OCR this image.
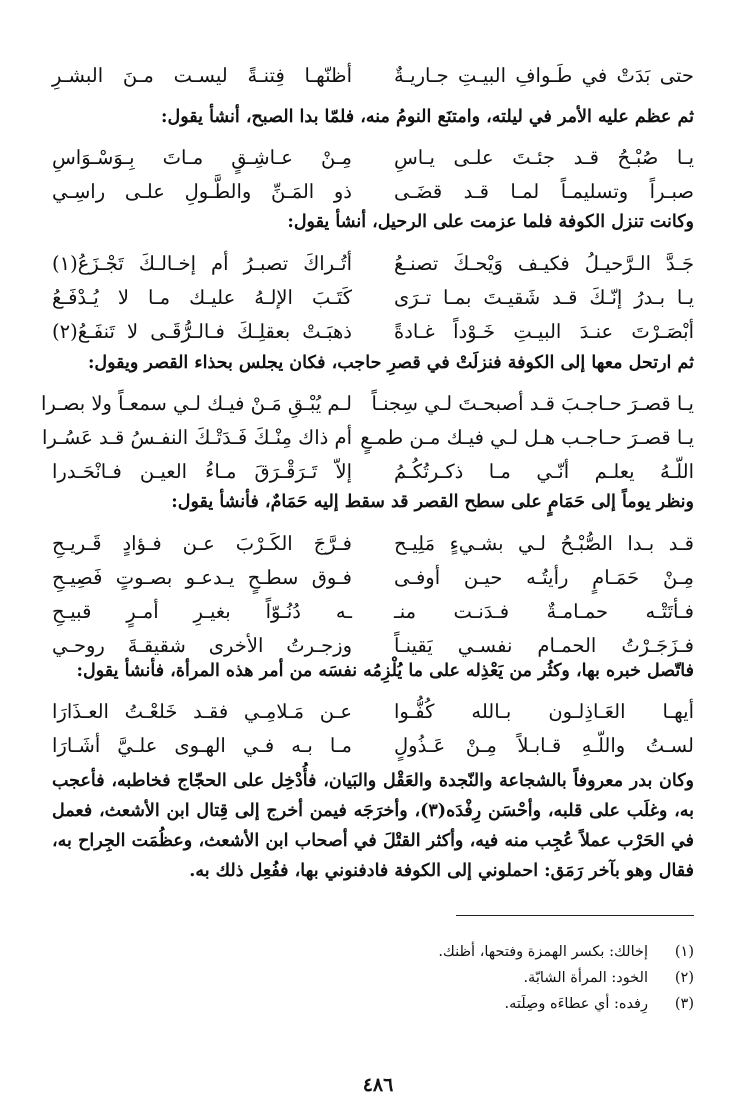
حتى بَدَتْ في طَـوافِ البيـتِ جـاريـةٌ
أظنّهـا فِتنـةً ليسـت مـنَ البشـرِ
ثم عظم عليه الأمر في ليلته، وامتنَع النومُ منه، فلمّا بدا الصبح، أنشأ يقول:
يـا صُبْـحُ قـد جئـتَ علـى يـاسِ
مِـنْ عـاشِـقٍ مـاتَ بِـوَسْـوَاسِ
صبـراً وتسليمـاً لمـا قـد قضَـى
ذو المَـنِّ والطَّـولِ علـى راسِـي
وكانت تنزل الكوفة فلما عزمت على الرحيل، أنشأ يقول:
جَـدَّ الـرَّحيـلُ فكيـف وَيْحـكَ تصنـعُ
أتُـراكَ تصبـرُ أم إخـالـكَ تَجْـزَعُ(١)
يـا بـدرُ إنّـكَ قـد شَقيـتَ بمـا تـرَى
كَتَـبَ الإلـهُ عليـك مـا لا يُـدْفَـعُ
أبْصَـرْتَ عنـدَ البيـتِ خَـوْداً غـادةً
ذهبَـتْ بعقلِـكَ فـالـرُّقَـى لا تَنفَـعُ(٢)
ثم ارتحل معها إلى الكوفة فنزلَتْ في قصرِ حاجب، فكان يجلس بحذاء القصر ويقول:
يـا قصـرَ حـاجـبَ قـد أصبحـتَ لـي سِجنـاً
لـم يُبْـقِ مَـنْ فيـك لـي سمعـاً ولا بصـرا
يـا قصـرَ حـاجـب هـل لـي فيـك مـن طمـعٍ
أم ذاك مِنْـكَ فَـدَتْـكَ النفـسُ قـد عَسُـرا
اللّـهُ يعلـم أنّـي مـا ذكـرتُكُـمُ
إلاّ تَـرَقْـرَقَ مـاءُ العيـن فـانْحَـدرا
ونظر يوماً إلى حَمَامٍ على سطح القصر قد سقط إليه حَمَامٌ، فأنشأ يقول:
قـد بـدا الصُّبْـحُ لـي بشـيءٍ مَلِيـح
فـرَّجَ الكَـرْبَ عـن فـؤادٍ قَـريـحِ
مِـنْ حَمَـامٍ رأيتُـه حيـن أوفـى
فـوق سطـحٍ يـدعـو بصـوتٍ فَصِيـحِ
فـأتَتْـه حمـامـةٌ فـدَنـت منـ
ـه دُنُـوّاً بغيـرِ أمـرٍ قبيـحِ
فـزَجَـرْتُ الحمـام نفسـي يَقينـاً
وزجـرتُ الأخرى شقيقـةَ روحـي
فاتّصل خبره بها، وكثُر من يَعْذِله على ما يُلْزِمُه نفسَه من أمر هذه المرأة، فأنشأ يقول:
أيهـا العَـاذِلـون بـالله كُفُّـوا
عـن مَـلامِـي فقـد خَلعْـتُ العـذَارَا
لسـتُ واللّـهِ قـابـلاً مِـنْ عَـذُولٍ
مـا بـه فـي الهـوى علـيَّ أشَـارَا
وكان بدر معروفاً بالشجاعة والنّجدة والعَقْل والبَيان، فأُدْخِل على الحجّاج فخاطبه، فأعجب به، وغلَب على قلبه، وأحْسَن رِفْدَه(٣)، وأخرَجَه فيمن أخرج إلى قِتال ابن الأشعث، فعمل في الحَرْب عملاً عُجِب منه فيه، وأكثر القتْلَ في أصحاب ابن الأشعث، وعظُمَت الجِراح به، فقال وهو بآخر رَمَق: احملوني إلى الكوفة فادفنوني بها، ففُعِل ذلك به.
(١)إخالك: بكسر الهمزة وفتحها، أظنك.
(٢)الخود: المرأة الشابّة.
(٣)رِفده: أي عطاءَه وصِلَته.
٤٨٦
